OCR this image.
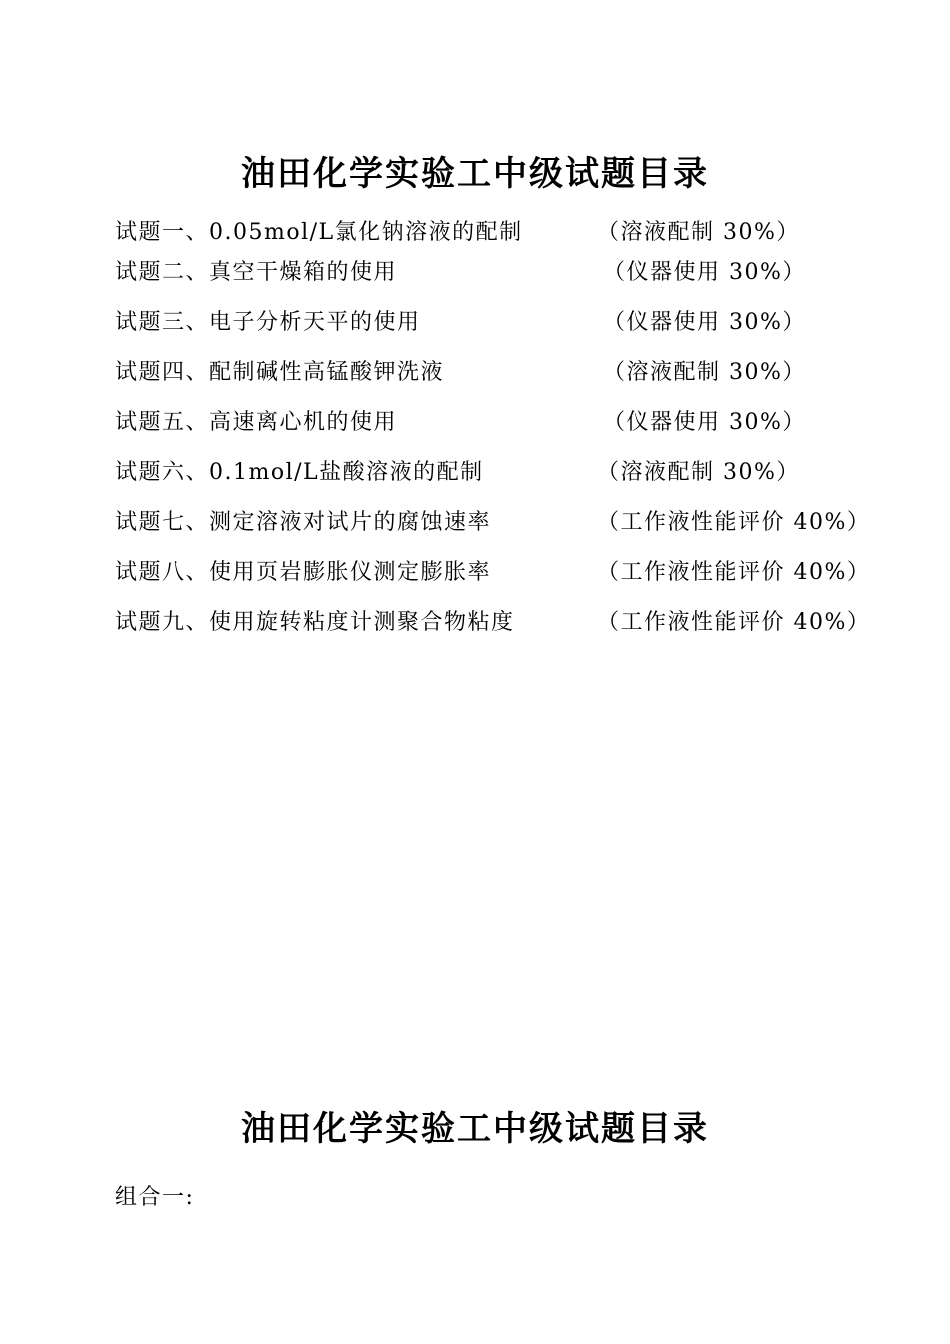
油田化学实验工中级试题目录
试题一、0.05mol/L氯化钠溶液的配制	（溶液配制 30%）
试题二、真空干燥箱的使用	（仪器使用 30%）
试题三、电子分析天平的使用	（仪器使用 30%）
试题四、配制碱性高锰酸钾洗液	（溶液配制 30%）
试题五、高速离心机的使用	（仪器使用 30%）
试题六、0.1mol/L盐酸溶液的配制	（溶液配制 30%）
试题七、测定溶液对试片的腐蚀速率	（工作液性能评价 40%）
试题八、使用页岩膨胀仪测定膨胀率	（工作液性能评价 40%）
试题九、使用旋转粘度计测聚合物粘度	（工作液性能评价 40%）
油田化学实验工中级试题目录

组合一:
